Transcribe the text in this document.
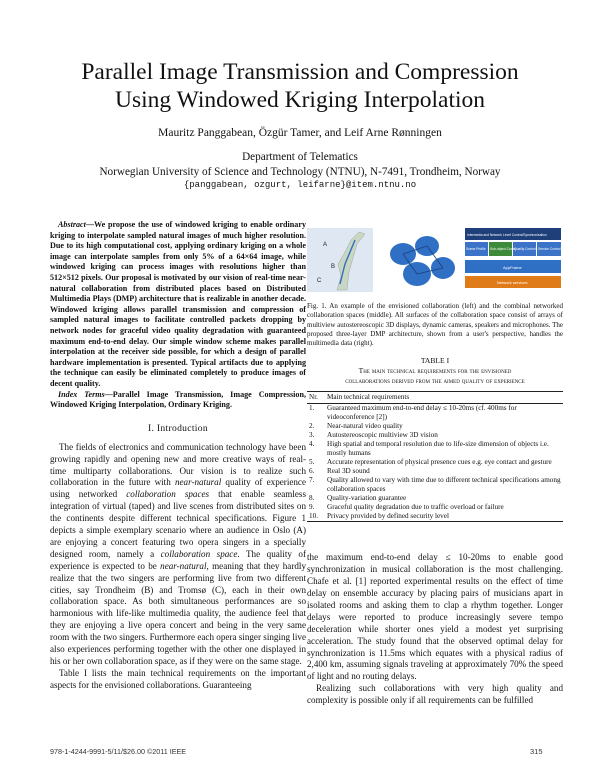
Parallel Image Transmission and Compression
Using Windowed Kriging Interpolation
Mauritz Panggabean, Özgür Tamer, and Leif Arne Rønningen
Department of Telematics
Norwegian University of Science and Technology (NTNU), N-7491, Trondheim, Norway
{panggabean, ozgurt, leifarne}@item.ntnu.no

Abstract—We propose the use of windowed kriging to enable ordinary kriging to interpolate sampled natural images of much higher resolution. Due to its high computational cost, applying ordinary kriging on a whole image can interpolate samples from only 5% of a 64×64 image, while windowed kriging can process images with resolutions higher than 512×512 pixels. Our proposal is motivated by our vision of real-time near-natural collaboration from distributed places based on Distributed Multimedia Plays (DMP) architecture that is realizable in another decade. Windowed kriging allows parallel transmission and compression of sampled natural images to facilitate controlled packets dropping by network nodes for graceful video quality degradation with guaranteed maximum end-to-end delay. Our simple window scheme makes parallel interpolation at the receiver side possible, for which a design of parallel hardware implementation is presented. Typical artifacts due to applying the technique can easily be eliminated completely to produce images of decent quality.

Index Terms—Parallel Image Transmission, Image Compression, Windowed Kriging Interpolation, Ordinary Kriging.

I. Introduction

The fields of electronics and communication technology have been growing rapidly and opening new and more creative ways of real-time multiparty collaborations. Our vision is to realize such collaboration in the future with near-natural quality of experience using networked collaboration spaces that enable seamless integration of virtual (taped) and live scenes from distributed sites on the continents despite different technical specifications. Figure 1 depicts a simple exemplary scenario where an audience in Oslo (A) are enjoying a concert featuring two opera singers in a specially designed room, namely a collaboration space. The quality of experience is expected to be near-natural, meaning that they hardly realize that the two singers are performing live from two different cities, say Trondheim (B) and Tromsø (C), each in their own collaboration space. As both simultaneous performances are so harmonious with life-like multimedia quality, the audience feel that they are enjoying a live opera concert and being in the very same room with the two singers. Furthermore each opera singer singing live also experiences performing together with the other one displayed in his or her own collaboration space, as if they were on the same stage.

Table I lists the main technical requirements on the important aspects for the envisioned collaborations. Guaranteeing

A
B
C
Intermedia and Network Level Control/Synchronisation
Scene Profile Sub-object Codec
Quality Control Service Control
AppFrame
Network services

Fig. 1. An example of the envisioned collaboration (left) and the combinal networked collaboration spaces (middle). All surfaces of the collaboration space consist of arrays of multiview autostereoscopic 3D displays, dynamic cameras, speakers and microphones. The proposed three-layer DMP architecture, shown from a user's perspective, handles the multimedia data (right).

TABLE I
The main technical requirements for the envisioned
collaborations derived from the aimed quality of experience
Nr.	Main technical requirements
1.	Guaranteed maximum end-to-end delay ≤ 10-20ms (cf. 400ms for videoconference [2])
2.	Near-natural video quality
3.	Autostereoscopic multiview 3D vision
4.	High spatial and temporal resolution due to life-size dimension of objects i.e. mostly humans
5.	Accurate representation of physical presence cues e.g. eye contact and gesture
6.	Real 3D sound
7.	Quality allowed to vary with time due to different technical specifications among collaboration spaces
8.	Quality-variation guarantee
9.	Graceful quality degradation due to traffic overload or failure
10.	Privacy provided by defined security level

the maximum end-to-end delay ≤ 10-20ms to enable good synchronization in musical collaboration is the most challenging. Chafe et al. [1] reported experimental results on the effect of time delay on ensemble accuracy by placing pairs of musicians apart in isolated rooms and asking them to clap a rhythm together. Longer delays were reported to produce increasingly severe tempo deceleration while shorter ones yield a modest yet surprising acceleration. The study found that the observed optimal delay for synchronization is 11.5ms which equates with a physical radius of 2,400 km, assuming signals traveling at approximately 70% the speed of light and no routing delays.

Realizing such collaborations with very high quality and complexity is possible only if all requirements can be fulfilled

978-1-4244-9991-5/11/$26.00 ©2011 IEEE	315
